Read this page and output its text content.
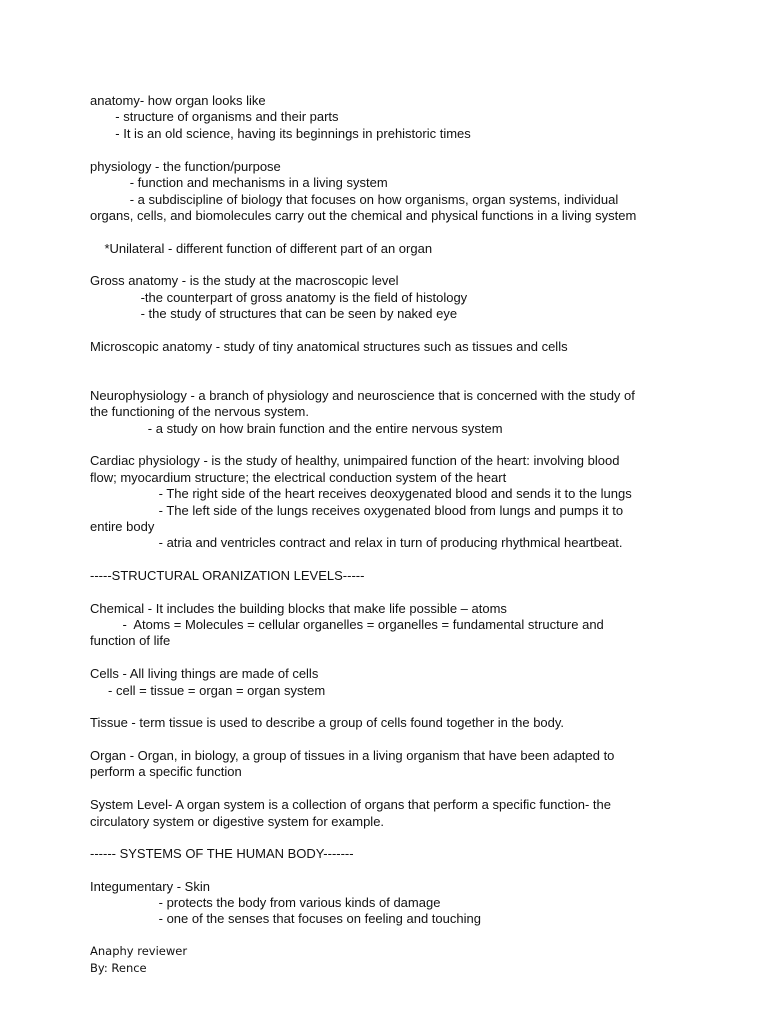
anatomy- how organ looks like
- structure of organisms and their parts
- It is an old science, having its beginnings in prehistoric times
physiology - the function/purpose
- function and mechanisms in a living system
- a subdiscipline of biology that focuses on how organisms, organ systems, individual
organs, cells, and biomolecules carry out the chemical and physical functions in a living system
*Unilateral - different function of different part of an organ
Gross anatomy - is the study at the macroscopic level
-the counterpart of gross anatomy is the field of histology
- the study of structures that can be seen by naked eye
Microscopic anatomy - study of tiny anatomical structures such as tissues and cells
Neurophysiology - a branch of physiology and neuroscience that is concerned with the study of
the functioning of the nervous system.
- a study on how brain function and the entire nervous system
Cardiac physiology - is the study of healthy, unimpaired function of the heart: involving blood
flow; myocardium structure; the electrical conduction system of the heart
- The right side of the heart receives deoxygenated blood and sends it to the lungs
- The left side of the lungs receives oxygenated blood from lungs and pumps it to
entire body
- atria and ventricles contract and relax in turn of producing rhythmical heartbeat.
-----STRUCTURAL ORANIZATION LEVELS-----
Chemical - It includes the building blocks that make life possible – atoms
-  Atoms = Molecules = cellular organelles = organelles = fundamental structure and
function of life
Cells - All living things are made of cells
- cell = tissue = organ = organ system
Tissue - term tissue is used to describe a group of cells found together in the body.
Organ - Organ, in biology, a group of tissues in a living organism that have been adapted to
perform a specific function
System Level- A organ system is a collection of organs that perform a specific function- the
circulatory system or digestive system for example.
------ SYSTEMS OF THE HUMAN BODY-------
Integumentary - Skin
- protects the body from various kinds of damage
- one of the senses that focuses on feeling and touching
Anaphy reviewer
By: Rence
